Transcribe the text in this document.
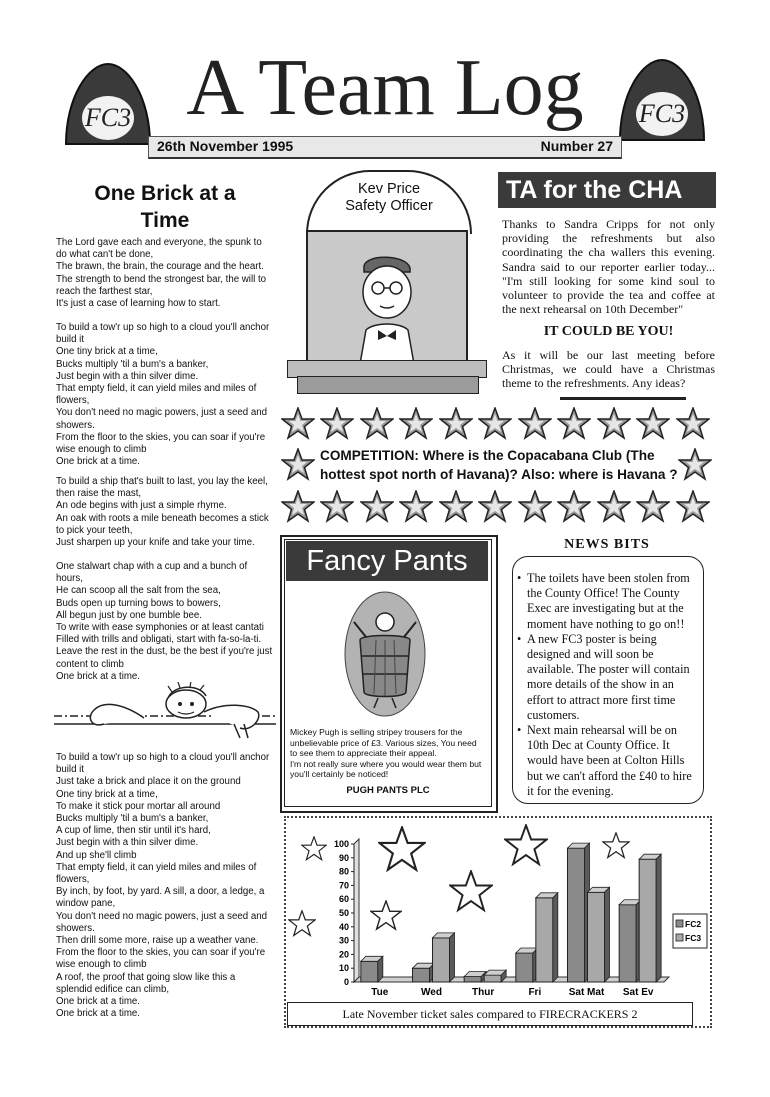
FC3	FC3
A Team Log
26th November 1995	Number 27
One Brick at a
Time

The Lord gave each and everyone, the spunk to do what can't be done,
The brawn, the brain, the courage and the heart.
The strength to bend the strongest bar, the will to reach the farthest star,
It's just a case of learning how to start.

To build a tow'r up so high to a cloud you'll anchor build it
One tiny brick at a time,
Bucks multiply 'til a bum's a banker,
Just begin with a thin silver dime.
That empty field, it can yield miles and miles of flowers,
You don't need no magic powers, just a seed and showers.
From the floor to the skies, you can soar if you're wise enough to climb
One brick at a time.

To build a ship that's built to last, you lay the keel, then raise the mast,
An ode begins with just a simple rhyme.
An oak with roots a mile beneath becomes a stick to pick your teeth,
Just sharpen up your knife and take your time.

One stalwart chap with a cup and a bunch of hours,
He can scoop all the salt from the sea,
Buds open up turning bows to bowers,
All begun just by one bumble bee.
To write with ease symphonies or at least cantati
Filled with trills and obligati, start with fa-so-la-ti.
Leave the rest in the dust, be the best if you're just content to climb
One brick at a time.

To build a tow'r up so high to a cloud you'll anchor build it
Just take a brick and place it on the ground
One tiny brick at a time,
To make it stick pour mortar all around
Bucks multiply 'til a bum's a banker,
A cup of lime, then stir until it's hard,
Just begin with a thin silver dime.
And up she'll climb
That empty field, it can yield miles and miles of flowers,
By inch, by foot, by yard. A sill, a door, a ledge, a window pane,
You don't need no magic powers, just a seed and showers.
Then drill some more, raise up a weather vane.
From the floor to the skies, you can soar if you're wise enough to climb
A roof, the proof that going slow like this a splendid edifice can climb,
One brick at a time.
One brick at a time.

Kev Price
Safety Officer
TA for the CHA

Thanks to Sandra Cripps for not only providing the refreshments but also coordinating the cha wallers this evening. Sandra said to our reporter earlier today... "I'm still looking for some kind soul to volunteer to provide the tea and coffee at the next rehearsal on 10th December"

IT COULD BE YOU!

As it will be our last meeting before Christmas, we could have a Christmas theme to the refreshments. Any ideas?

COMPETITION: Where is the Copacabana Club (The hottest spot north of Havana)? Also: where is Havana ?
Fancy Pants

Mickey Pugh is selling stripey trousers for the unbelievable price of £3. Various sizes, You need to see them to appreciate their appeal.
I'm not really sure where you would wear them but you'll certainly be noticed!

PUGH PANTS PLC
NEWS BITS
• The toilets have been stolen from the County Office! The County Exec are investigating but at the moment have nothing to go on!!
• A new FC3 poster is being designed and will soon be available. The poster will contain more details of the show in an effort to attract more first time customers.
• Next main rehearsal will be on 10th Dec at County Office. It would have been at Colton Hills but we can't afford the £40 to hire it for the evening.
0
10
20
30
40
50
60
70
80
90
100
Tue	Wed	Thur	Fri	Sat Mat Sat Ev
FC2
FC3
Late November ticket sales compared to FIRECRACKERS 2
